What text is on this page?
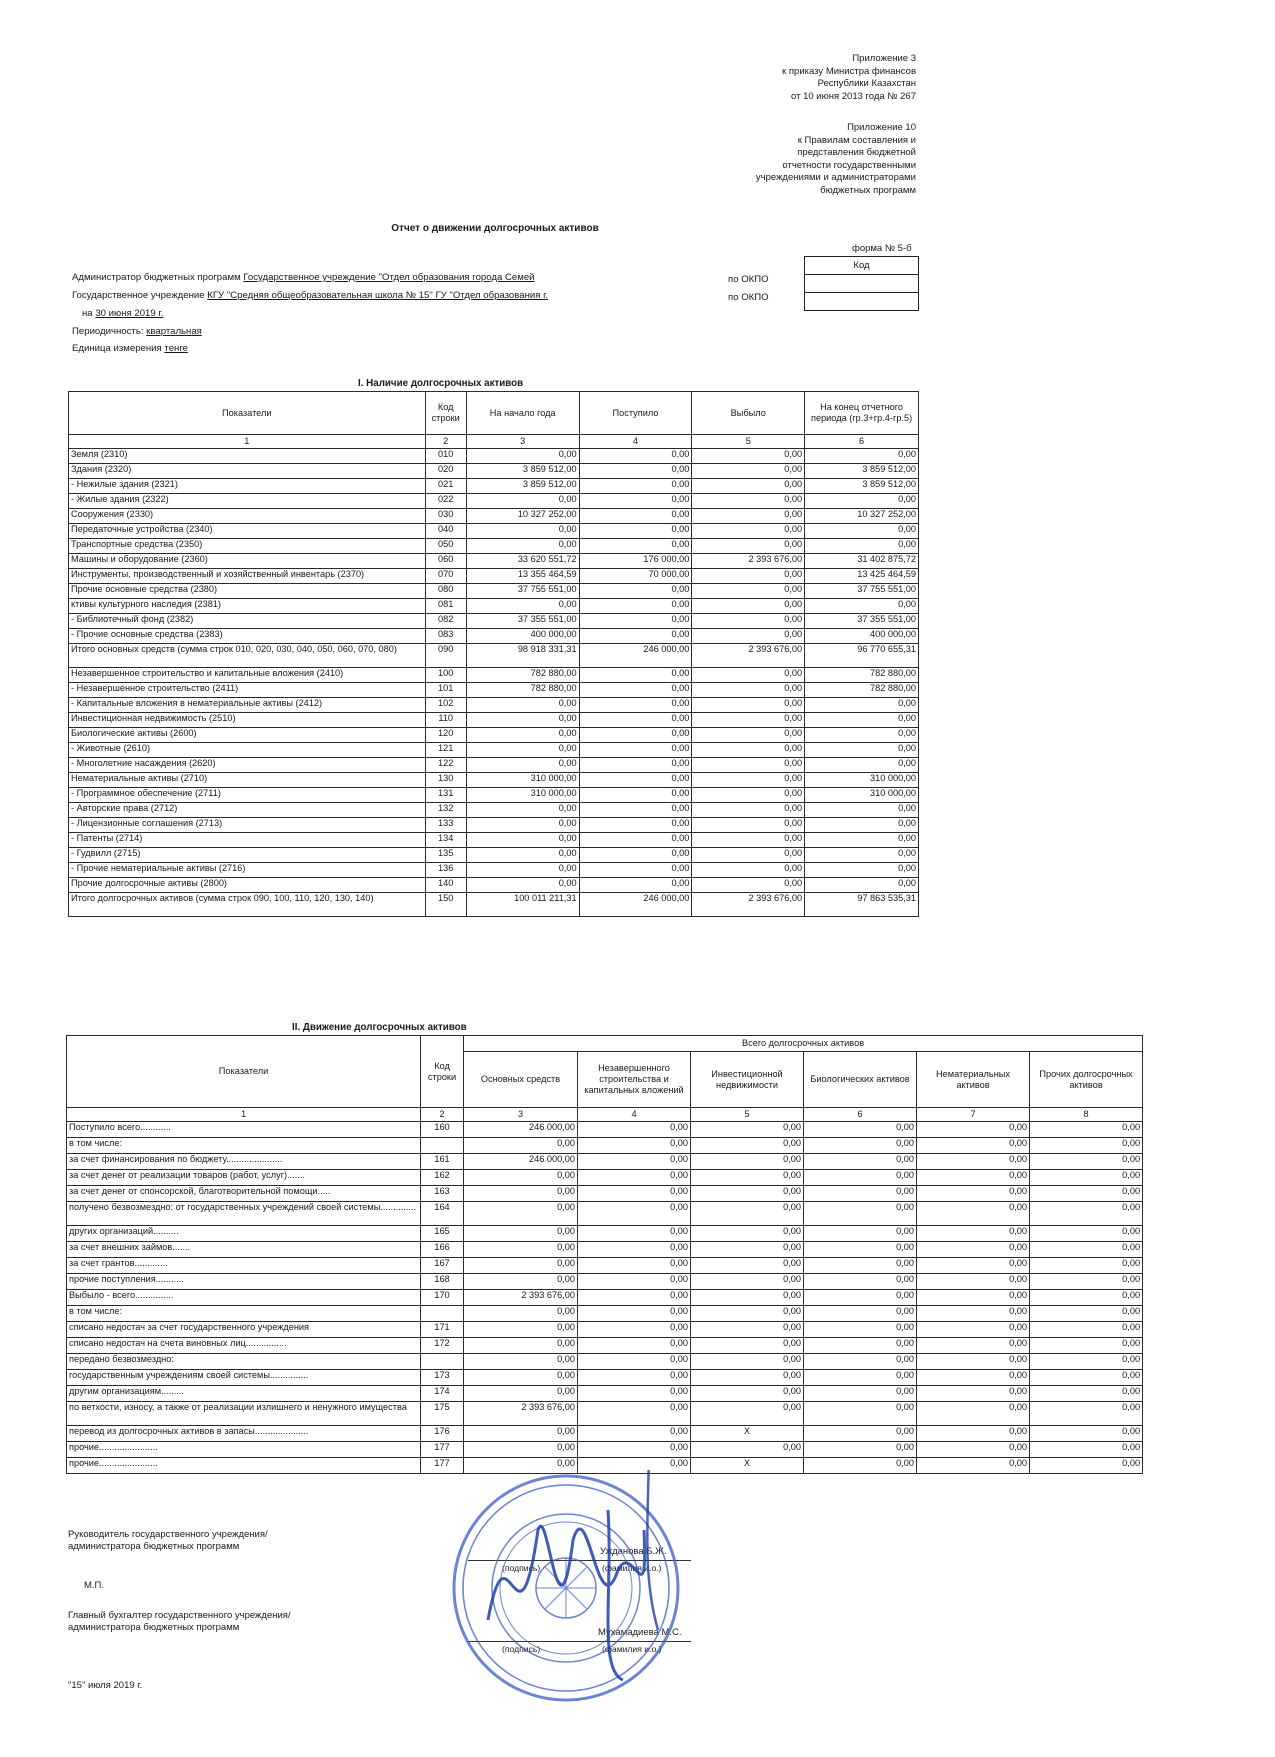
Приложение 3
к приказу Министра финансов
Республики Казахстан
от 10 июня 2013 года № 267
Приложение 10
к Правилам составления и
представления бюджетной
отчетности государственными
учреждениями и администраторами
бюджетных программ
Отчет о движении долгосрочных активов
форма № 5-б
Код

Администратор бюджетных программ Государственное учреждение "Отдел образования города Семей	по ОКПО
Государственное учреждение КГУ "Средняя общеобразовательная школа № 15" ГУ "Отдел образования г.	по ОКПО
на 30 июня 2019 г.
Периодичность: квартальная
Единица измерения тенге
I. Наличие долгосрочных активов
Показатели	Код строки	На начало года	Поступило	Выбыло	На конец отчетного периода (гр.3+гр.4-гр.5)
1	2	3	4	5	6
Земля (2310)	010	0,00	0,00	0,00	0,00
Здания (2320)	020	3 859 512,00	0,00	0,00	3 859 512,00
- Нежилые здания (2321)	021	3 859 512,00	0,00	0,00	3 859 512,00
- Жилые здания (2322)	022	0,00	0,00	0,00	0,00
Сооружения (2330)	030	10 327 252,00	0,00	0,00	10 327 252,00
Передаточные устройства (2340)	040	0,00	0,00	0,00	0,00
Транспортные средства (2350)	050	0,00	0,00	0,00	0,00
Машины и оборудование (2360)	060	33 620 551,72	176 000,00	2 393 676,00	31 402 875,72
Инструменты, производственный и хозяйственный инвентарь (2370)	070	13 355 464,59	70 000,00	0,00	13 425 464,59
Прочие основные средства (2380)	080	37 755 551,00	0,00	0,00	37 755 551,00
ктивы культурного наследия (2381)	081	0,00	0,00	0,00	0,00
- Библиотечный фонд (2382)	082	37 355 551,00	0,00	0,00	37 355 551,00
- Прочие основные средства (2383)	083	400 000,00	0,00	0,00	400 000,00
Итого основных средств (сумма строк 010, 020, 030, 040, 050, 060, 070, 080)	090	98 918 331,31	246 000,00	2 393 676,00	96 770 655,31
Незавершенное строительство и капитальные вложения (2410)	100	782 880,00	0,00	0,00	782 880,00
- Незавершенное строительство (2411)	101	782 880,00	0,00	0,00	782 880,00
- Капитальные вложения в нематериальные активы (2412)	102	0,00	0,00	0,00	0,00
Инвестиционная недвижимость (2510)	110	0,00	0,00	0,00	0,00
Биологические активы (2600)	120	0,00	0,00	0,00	0,00
- Животные (2610)	121	0,00	0,00	0,00	0,00
- Многолетние насаждения (2620)	122	0,00	0,00	0,00	0,00
Нематериальные активы (2710)	130	310 000,00	0,00	0,00	310 000,00
- Программное обеспечение (2711)	131	310 000,00	0,00	0,00	310 000,00
- Авторские права (2712)	132	0,00	0,00	0,00	0,00
- Лицензионные соглашения (2713)	133	0,00	0,00	0,00	0,00
- Патенты (2714)	134	0,00	0,00	0,00	0,00
- Гудвилл (2715)	135	0,00	0,00	0,00	0,00
- Прочие нематериальные активы (2716)	136	0,00	0,00	0,00	0,00
Прочие долгосрочные активы (2800)	140	0,00	0,00	0,00	0,00
Итого долгосрочных активов (сумма строк 090, 100, 110, 120, 130, 140)	150	100 011 211,31	246 000,00	2 393 676,00	97 863 535,31
II. Движение долгосрочных активов
Показатели	Код строки	Всего долгосрочных активов					
		Основных средств	Незавершенного строительства и капитальных вложений	Инвестиционной недвижимости	Биологических активов	Нематериальных активов	Прочих долгосрочных активов
1	2	3	4	5	6	7	8
Поступило всего............	160	246 000,00	0,00	0,00	0,00	0,00	0,00
в том числе:		0,00	0,00	0,00	0,00	0,00	0,00
за счет финансирования по бюджету......................	161	246 000,00	0,00	0,00	0,00	0,00	0,00
за счет денег от реализации товаров (работ, услуг).......	162	0,00	0,00	0,00	0,00	0,00	0,00
за счет денег от спонсорской, благотворительной помощи.....	163	0,00	0,00	0,00	0,00	0,00	0,00
получено безвозмездно: от государственных учреждений своей системы..............	164	0,00	0,00	0,00	0,00	0,00	0,00
других организаций..........	165	0,00	0,00	0,00	0,00	0,00	0,00
за счет внешних займов.......	166	0,00	0,00	0,00	0,00	0,00	0,00
за счет грантов.............	167	0,00	0,00	0,00	0,00	0,00	0,00
прочие поступления...........	168	0,00	0,00	0,00	0,00	0,00	0,00
Выбыло - всего...............	170	2 393 676,00	0,00	0,00	0,00	0,00	0,00
в том числе:		0,00	0,00	0,00	0,00	0,00	0,00
списано недостач за счет государственного учреждения	171	0,00	0,00	0,00	0,00	0,00	0,00
списано недостач на счета виновных лиц................	172	0,00	0,00	0,00	0,00	0,00	0,00
передано безвозмездно:		0,00	0,00	0,00	0,00	0,00	0,00
государственным учреждениям своей системы...............	173	0,00	0,00	0,00	0,00	0,00	0,00
другим организациям.........	174	0,00	0,00	0,00	0,00	0,00	0,00
по ветхости, износу, а также от реализации излишнего и ненужного имущества	175	2 393 676,00	0,00	0,00	0,00	0,00	0,00
перевод из долгосрочных активов в запасы.....................	176	0,00	0,00	Х	0,00	0,00	0,00
прочие.......................	177	0,00	0,00	0,00	0,00	0,00	0,00
прочие.......................	177	0,00	0,00	Х	0,00	0,00	0,00
Руководитель государственного учреждения/
администратора бюджетных программ	Ужданова Б.Ж.
(подпись)	(фамилия и.о.)
М.П.
Главный бухгалтер государственного учреждения/
администратора бюджетных программ	Мухамадиева М.С.
(подпись)	(фамилия и.о.)
"15" июля 2019 г.
